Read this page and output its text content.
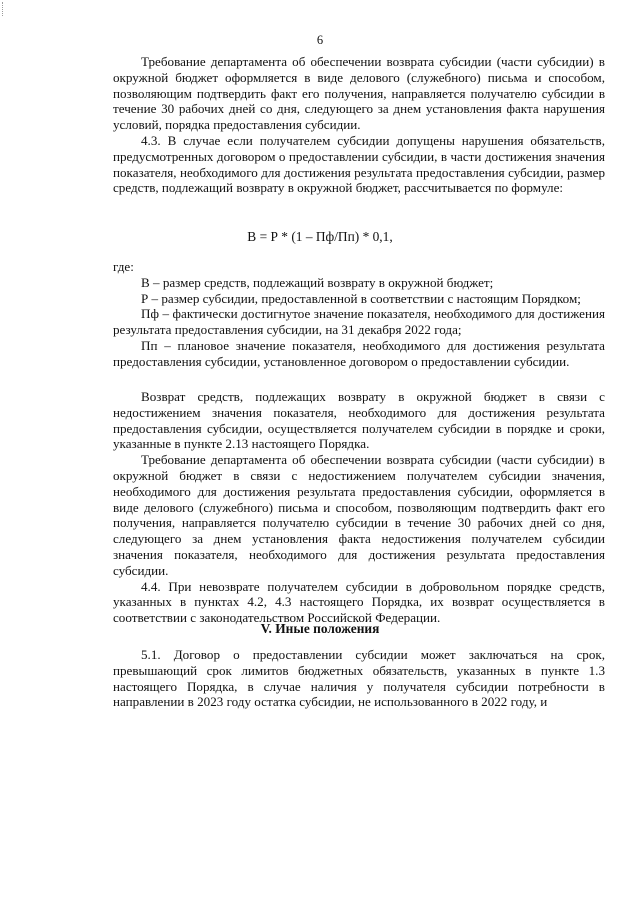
6

Требование департамента об обеспечении возврата субсидии (части субсидии) в окружной бюджет оформляется в виде делового (служебного) письма и способом, позволяющим подтвердить факт его получения, направляется получателю субсидии в течение 30 рабочих дней со дня, следующего за днем установления факта нарушения условий, порядка предоставления субсидии.

4.3. В случае если получателем субсидии допущены нарушения обязательств, предусмотренных договором о предоставлении субсидии, в части достижения значения показателя, необходимого для достижения результата предоставления субсидии, размер средств, подлежащий возврату в окружной бюджет, рассчитывается по формуле:

В = Р * (1 – Пф/Пп) * 0,1,

где:

В – размер средств, подлежащий возврату в окружной бюджет;

Р – размер субсидии, предоставленной в соответствии с настоящим Порядком;

Пф – фактически достигнутое значение показателя, необходимого для достижения результата предоставления субсидии, на 31 декабря 2022 года;

Пп – плановое значение показателя, необходимого для достижения результата предоставления субсидии, установленное договором о предоставлении субсидии.

Возврат средств, подлежащих возврату в окружной бюджет в связи с недостижением значения показателя, необходимого для достижения результата предоставления субсидии, осуществляется получателем субсидии в порядке и сроки, указанные в пункте 2.13 настоящего Порядка.

Требование департамента об обеспечении возврата субсидии (части субсидии) в окружной бюджет в связи с недостижением получателем субсидии значения, необходимого для достижения результата предоставления субсидии, оформляется в виде делового (служебного) письма и способом, позволяющим подтвердить факт его получения, направляется получателю субсидии в течение 30 рабочих дней со дня, следующего за днем установления факта недостижения получателем субсидии значения показателя, необходимого для достижения результата предоставления субсидии.

4.4. При невозврате получателем субсидии в добровольном порядке средств, указанных в пунктах 4.2, 4.3 настоящего Порядка, их возврат осуществляется в соответствии с законодательством Российской Федерации.

V. Иные положения

5.1. Договор о предоставлении субсидии может заключаться на срок, превышающий срок лимитов бюджетных обязательств, указанных в пункте 1.3 настоящего Порядка, в случае наличия у получателя субсидии потребности в направлении в 2023 году остатка субсидии, не использованного в 2022 году, и
